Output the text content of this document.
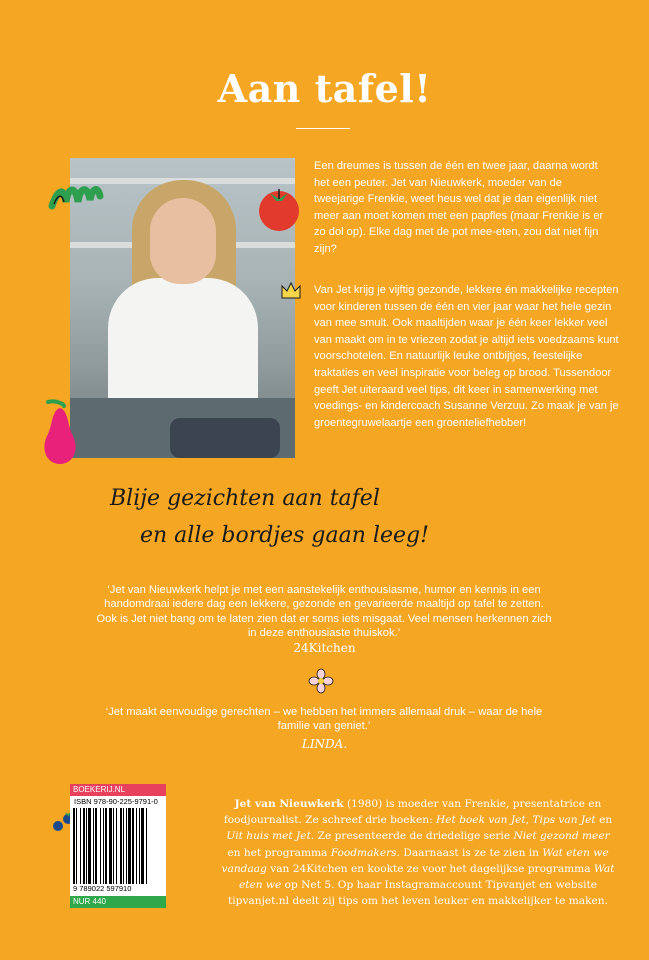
Aan tafel!
Een dreumes is tussen de één en twee jaar, daarna wordt het een peuter. Jet van Nieuwkerk, moeder van de tweejarige Frenkie, weet heus wel dat je dan eigenlijk niet meer aan moet komen met een papfles (maar Frenkie is er zo dol op). Elke dag met de pot mee-eten, zou dat niet fijn zijn?
Van Jet krijg je vijftig gezonde, lekkere én makkelijke recepten voor kinderen tussen de één en vier jaar waar het hele gezin van mee smult. Ook maaltijden waar je één keer lekker veel van maakt om in te vriezen zodat je altijd iets voedzaams kunt voorschotelen. En natuurlijk leuke ontbijtjes, feestelijke traktaties en veel inspiratie voor beleg op brood. Tussendoor geeft Jet uiteraard veel tips, dit keer in samenwerking met voedings- en kindercoach Susanne Verzuu. Zo maak je van je groentegruwelaartje een groenteliefhebber!
Blije gezichten aan tafel
en alle bordjes gaan leeg!
‘Jet van Nieuwkerk helpt je met een aanstekelijk enthousiasme, humor en kennis in een handomdraai iedere dag een lekkere, gezonde en gevarieerde maaltijd op tafel te zetten. Ook is Jet niet bang om te laten zien dat er soms iets misgaat. Veel mensen herkennen zich in deze enthousiaste thuiskok.’
24Kitchen
‘Jet maakt eenvoudige gerechten – we hebben het immers allemaal druk – waar de hele familie van geniet.’
LINDA.
Jet van Nieuwkerk (1980) is moeder van Frenkie, presentatrice en foodjournalist. Ze schreef drie boeken: Het boek van Jet, Tips van Jet en Uit huis met Jet. Ze presenteerde de driedelige serie Niet gezond meer en het programma Foodmakers. Daarnaast is ze te zien in Wat eten we vandaag van 24Kitchen en kookte ze voor het dagelijkse programma Wat eten we op Net 5. Op haar Instagramaccount Tipvanjet en website tipvanjet.nl deelt zij tips om het leven leuker en makkelijker te maken.
BOEKERIJ.NL
ISBN 978-90-225-9791-0
9 789022 597910
NUR 440
